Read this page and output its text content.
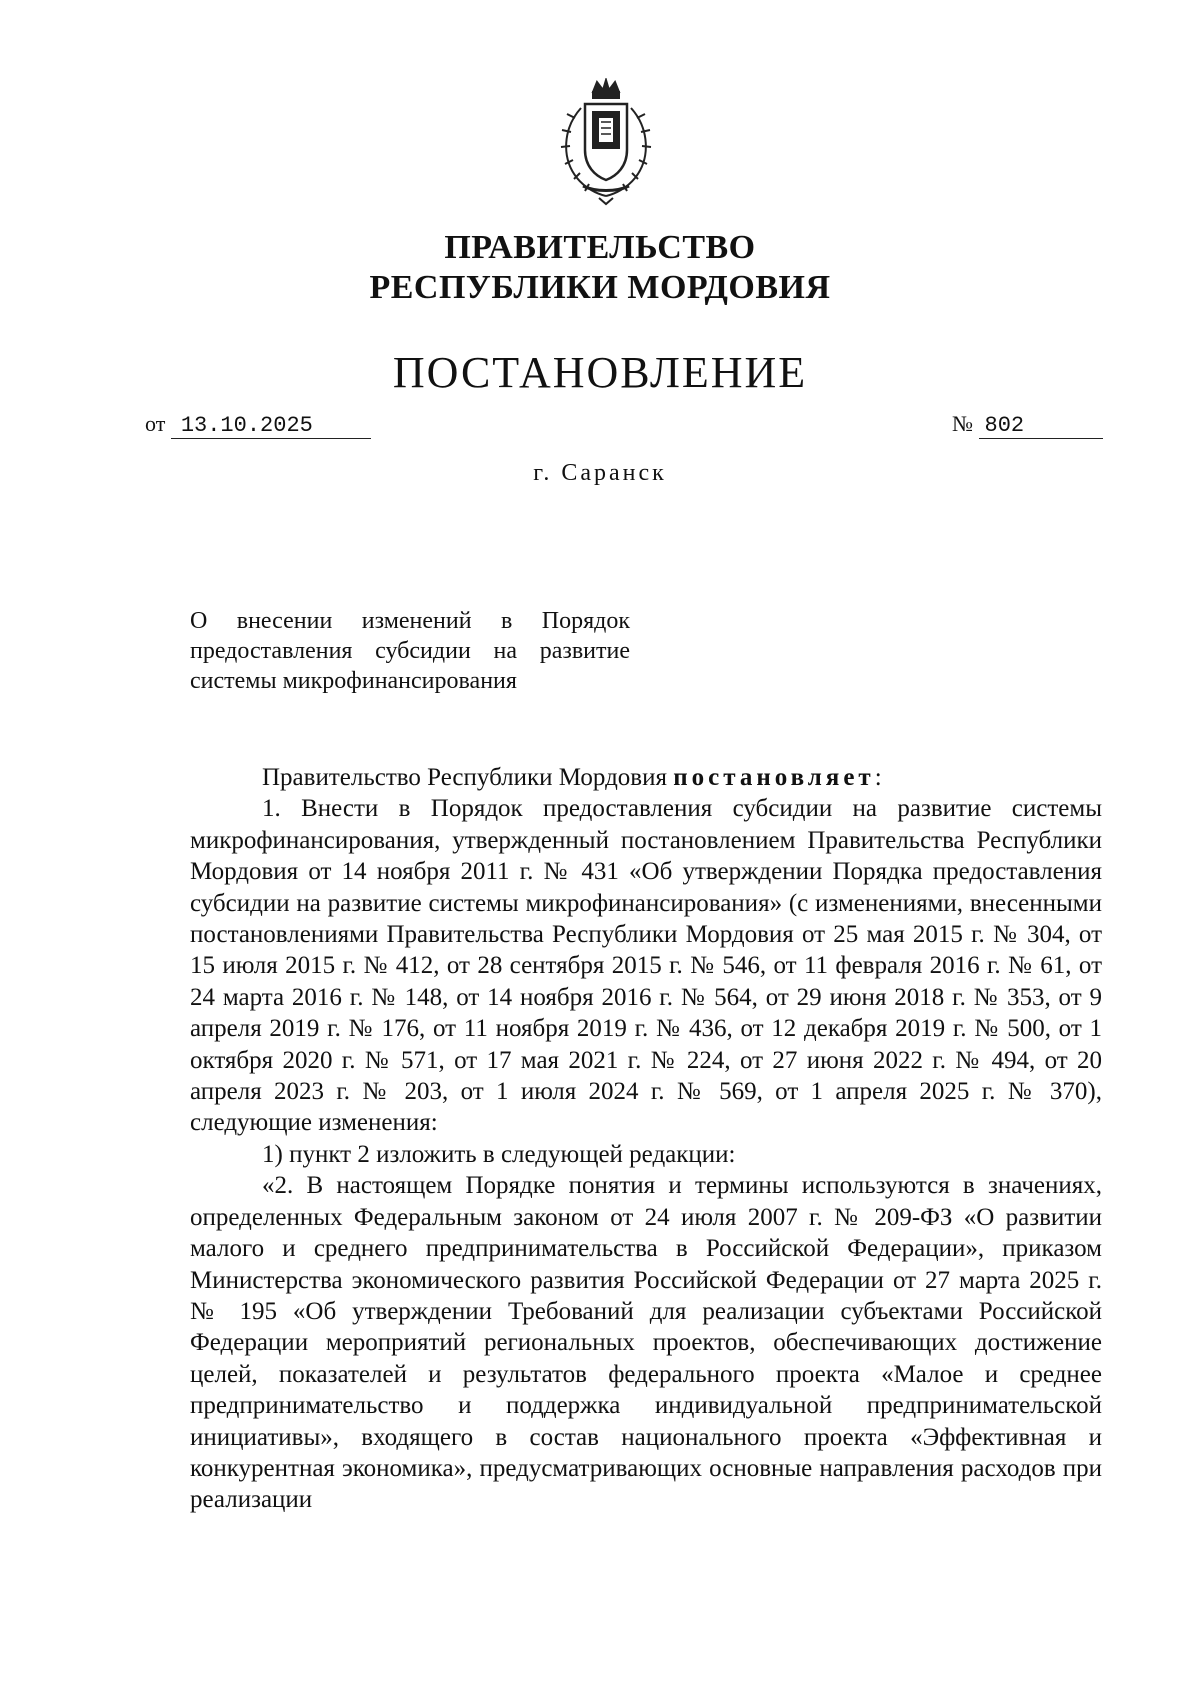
ПРАВИТЕЛЬСТВО
РЕСПУБЛИКИ МОРДОВИЯ
ПОСТАНОВЛЕНИЕ
от 13.10.2025	№ 802
г. Саранск
О внесении изменений в Порядок предоставления субсидии на развитие системы микрофинансирования

Правительство Республики Мордовия постановляет:

1. Внести в Порядок предоставления субсидии на развитие системы микрофинансирования, утвержденный постановлением Правительства Республики Мордовия от 14 ноября 2011 г. № 431 «Об утверждении Порядка предоставления субсидии на развитие системы микрофинансирования» (с изменениями, внесенными постановлениями Правительства Республики Мордовия от 25 мая 2015 г. № 304, от 15 июля 2015 г. № 412, от 28 сентября 2015 г. № 546, от 11 февраля 2016 г. № 61, от 24 марта 2016 г. № 148, от 14 ноября 2016 г. № 564, от 29 июня 2018 г. № 353, от 9 апреля 2019 г. № 176, от 11 ноября 2019 г. № 436, от 12 декабря 2019 г. № 500, от 1 октября 2020 г. № 571, от 17 мая 2021 г. № 224, от 27 июня 2022 г. № 494, от 20 апреля 2023 г. № 203, от 1 июля 2024 г. № 569, от 1 апреля 2025 г. № 370), следующие изменения:

1) пункт 2 изложить в следующей редакции:

«2. В настоящем Порядке понятия и термины используются в значениях, определенных Федеральным законом от 24 июля 2007 г. № 209-ФЗ «О развитии малого и среднего предпринимательства в Российской Федерации», приказом Министерства экономического развития Российской Федерации от 27 марта 2025 г. № 195 «Об утверждении Требований для реализации субъектами Российской Федерации мероприятий региональных проектов, обеспечивающих достижение целей, показателей и результатов федерального проекта «Малое и среднее предпринимательство и поддержка индивидуальной предпринимательской инициативы», входящего в состав национального проекта «Эффективная и конкурентная экономика», предусматривающих основные направления расходов при реализации
